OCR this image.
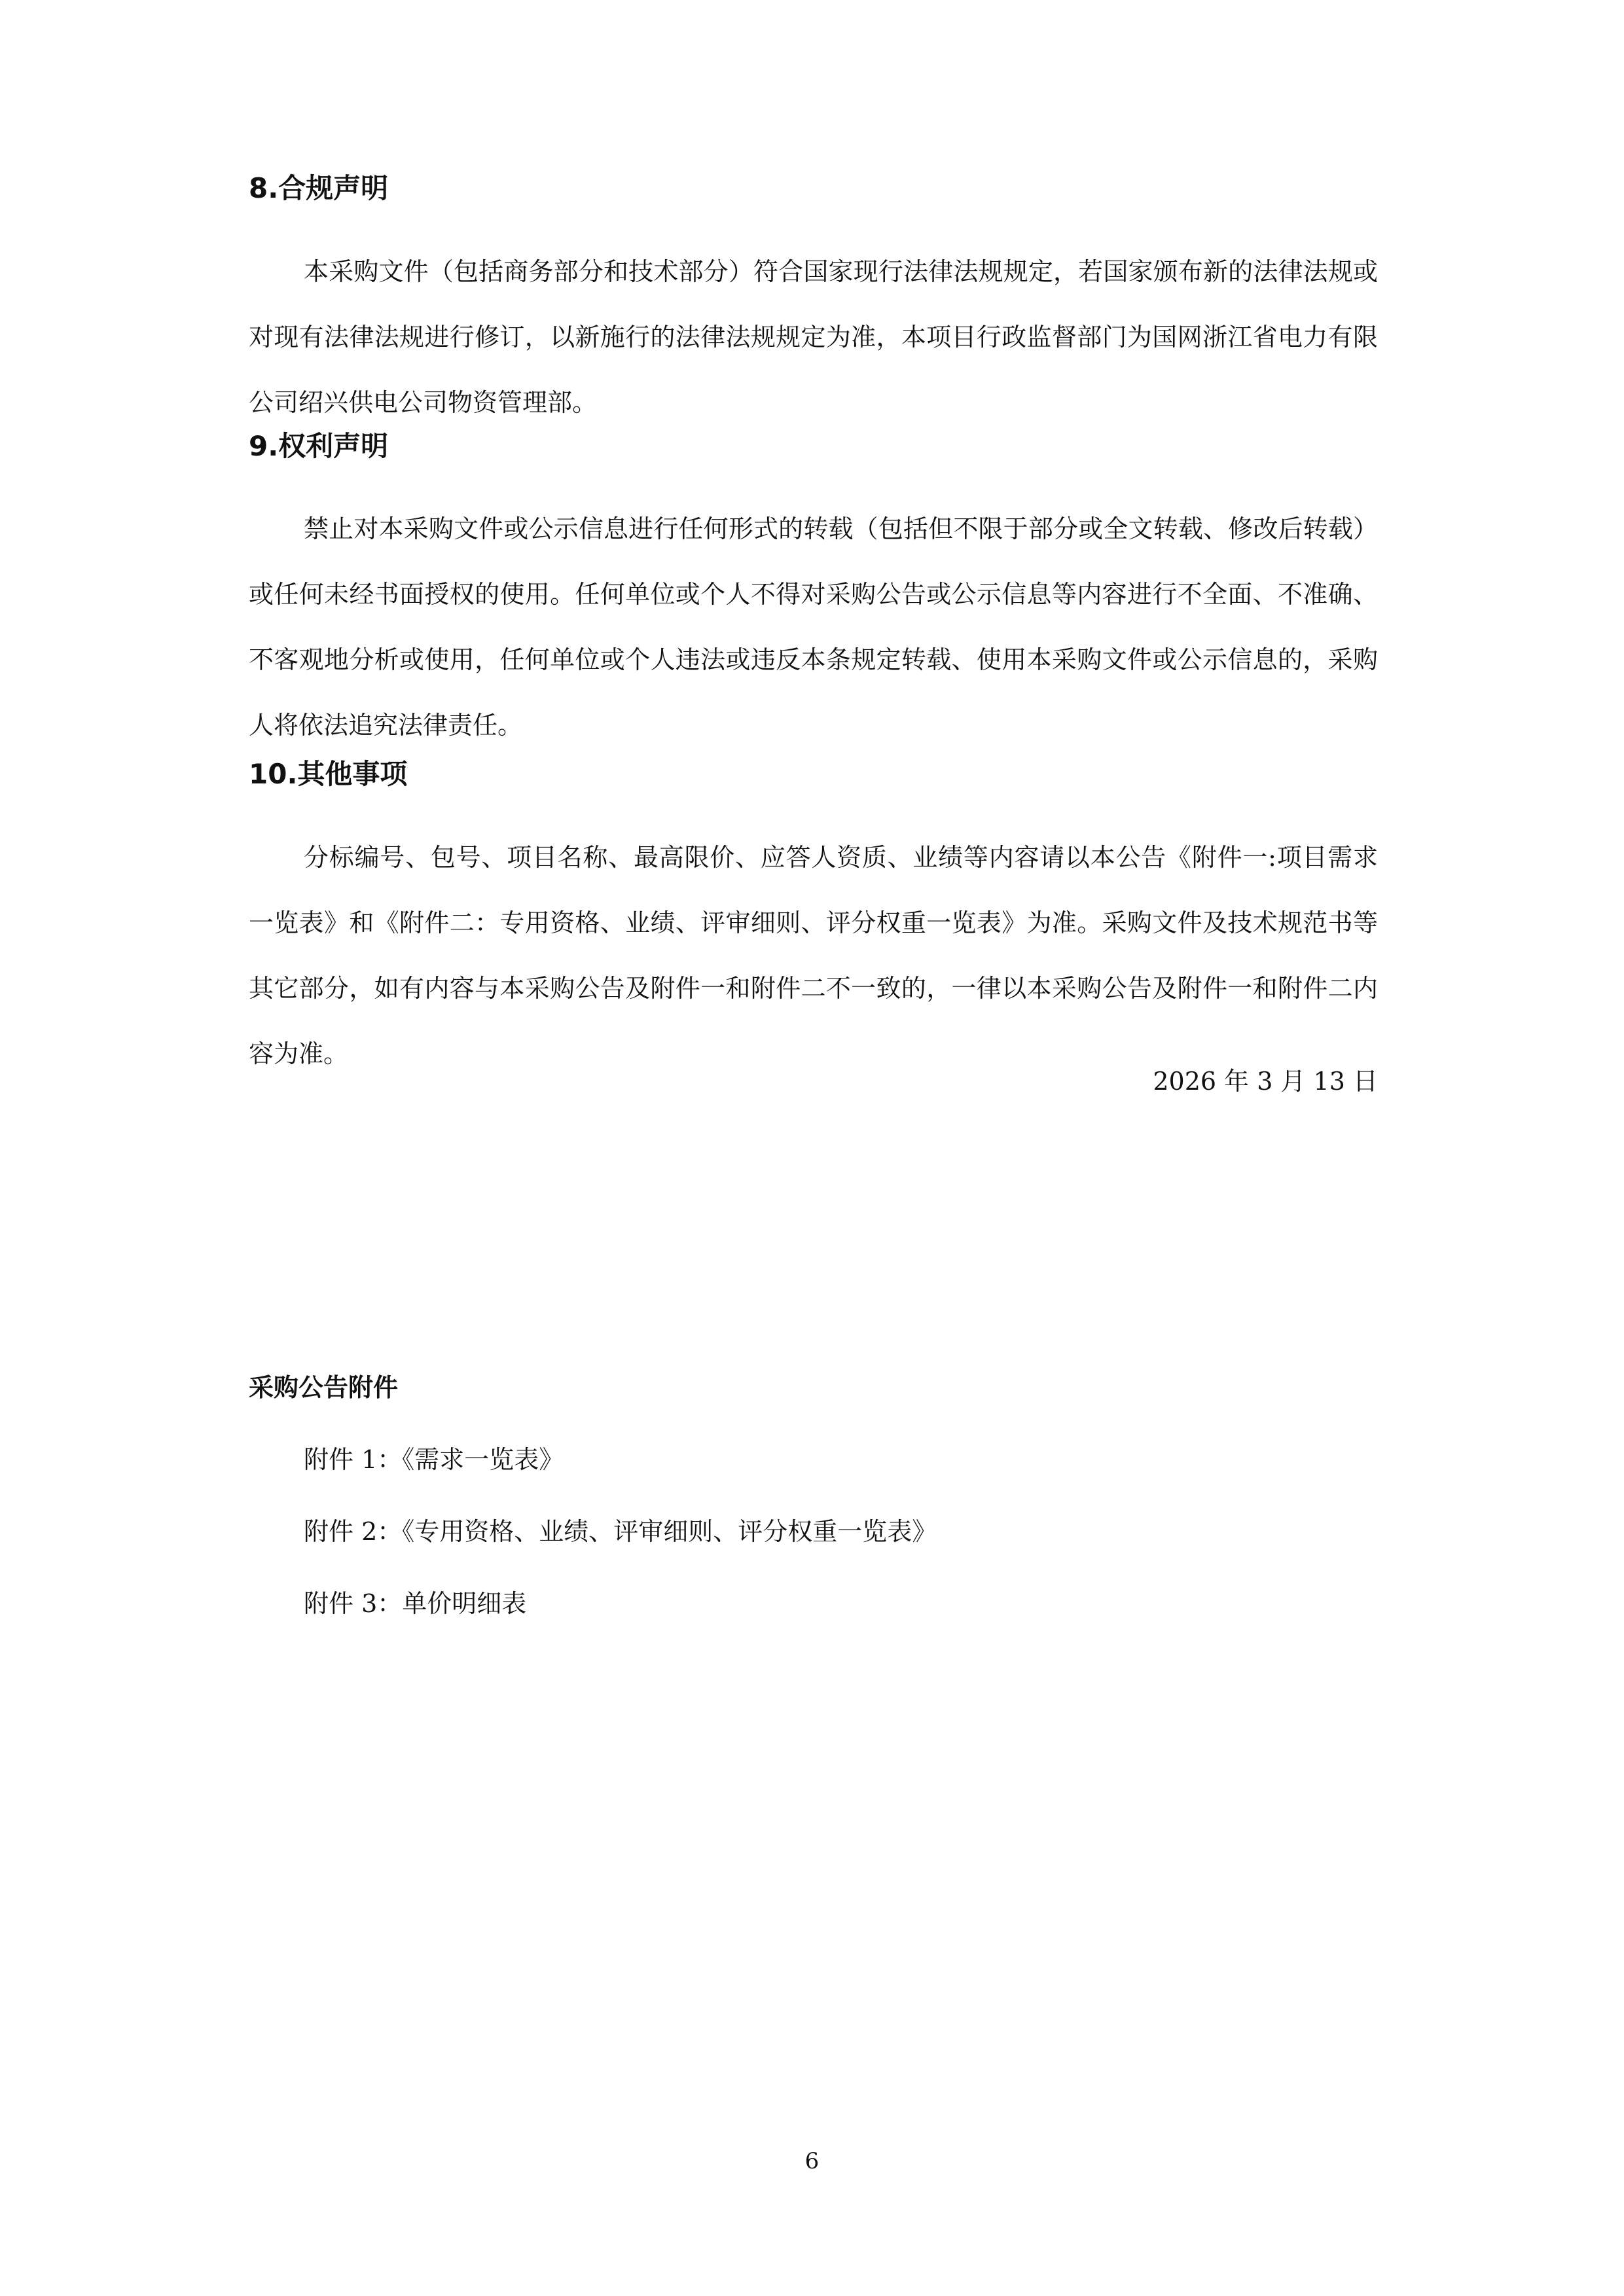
8.合规声明

本采购文件（包括商务部分和技术部分）符合国家现行法律法规规定，若国家颁布新的法律法规或对现有法律法规进行修订，以新施行的法律法规规定为准，本项目行政监督部门为国网浙江省电力有限公司绍兴供电公司物资管理部。

9.权利声明

禁止对本采购文件或公示信息进行任何形式的转载（包括但不限于部分或全文转载、修改后转载）或任何未经书面授权的使用。任何单位或个人不得对采购公告或公示信息等内容进行不全面、不准确、不客观地分析或使用，任何单位或个人违法或违反本条规定转载、使用本采购文件或公示信息的，采购人将依法追究法律责任。

10.其他事项

分标编号、包号、项目名称、最高限价、应答人资质、业绩等内容请以本公告《附件一:项目需求一览表》和《附件二：专用资格、业绩、评审细则、评分权重一览表》为准。采购文件及技术规范书等其它部分，如有内容与本采购公告及附件一和附件二不一致的，一律以本采购公告及附件一和附件二内容为准。

2026 年 3 月 13 日

采购公告附件
附件 1：《需求一览表》
附件 2：《专用资格、业绩、评审细则、评分权重一览表》
附件 3：单价明细表
6
